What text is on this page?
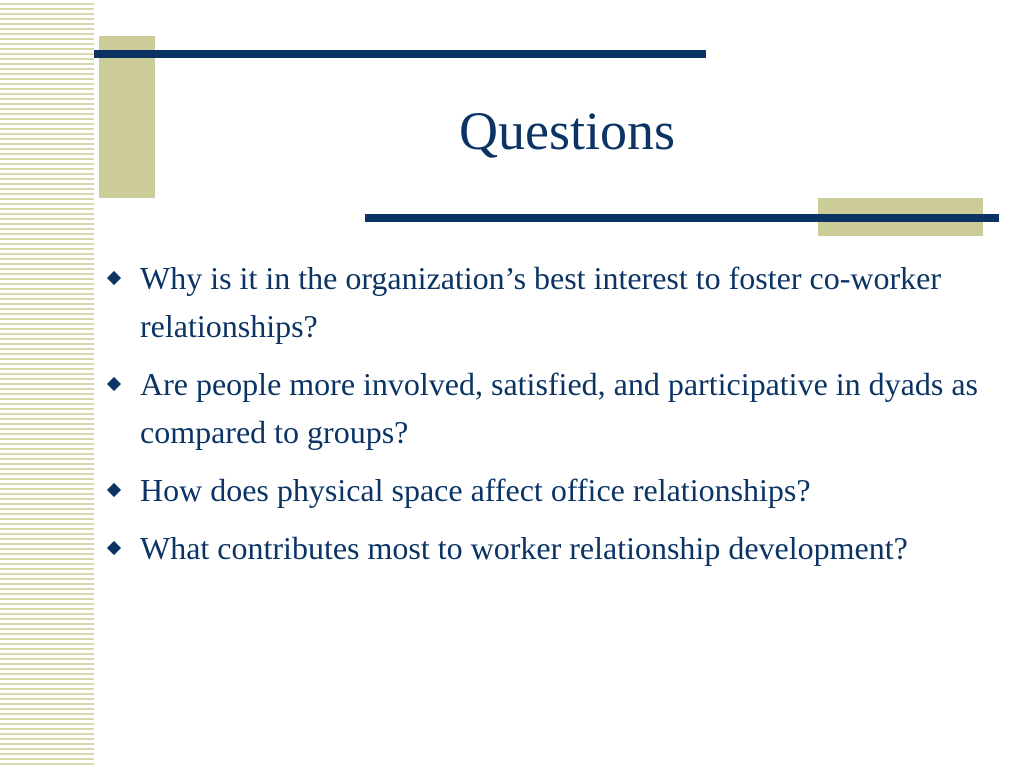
Questions
Why is it in the organization’s best interest to foster co-worker relationships?
Are people more involved, satisfied, and participative in dyads as compared to groups?
How does physical space affect office relationships?
What contributes most to worker relationship development?
